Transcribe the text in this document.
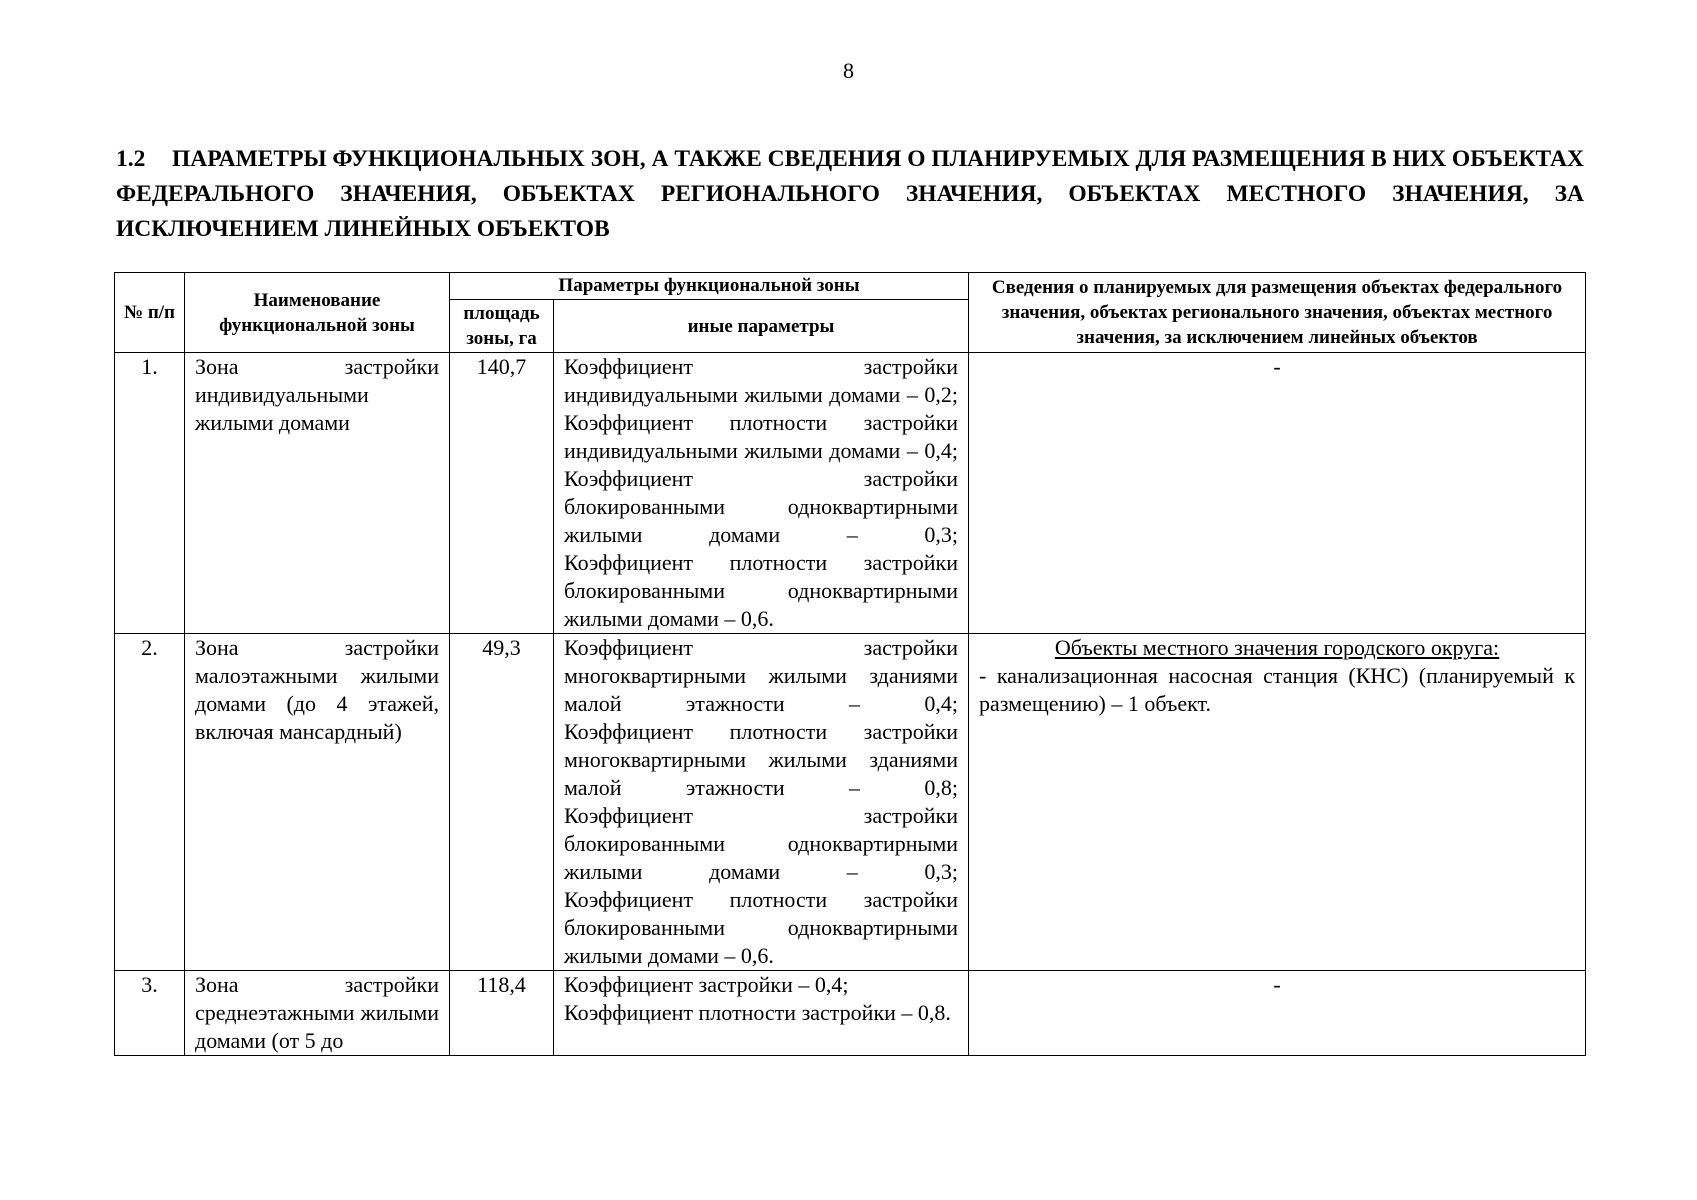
8
1.2 ПАРАМЕТРЫ ФУНКЦИОНАЛЬНЫХ ЗОН, А ТАКЖЕ СВЕДЕНИЯ О ПЛАНИРУЕМЫХ ДЛЯ РАЗМЕЩЕНИЯ В НИХ ОБЪЕКТАХ ФЕДЕРАЛЬНОГО ЗНАЧЕНИЯ, ОБЪЕКТАХ РЕГИОНАЛЬНОГО ЗНАЧЕНИЯ, ОБЪЕКТАХ МЕСТНОГО ЗНАЧЕНИЯ, ЗА ИСКЛЮЧЕНИЕМ ЛИНЕЙНЫХ ОБЪЕКТОВ
№ п/п	Наименование функциональной зоны	Параметры функциональной зоны		Сведения о планируемых для размещения объектах федерального значения, объектах регионального значения, объектах местного значения, за исключением линейных объектов
		площадь зоны, га	иные параметры	
1.	Зона застройки индивидуальными жилыми домами	140,7	Коэффициент застройки индивидуальными жилыми домами – 0,2;
Коэффициент плотности застройки индивидуальными жилыми домами – 0,4;
Коэффициент застройки блокированными одноквартирными жилыми домами – 0,3;
Коэффициент плотности застройки блокированными одноквартирными жилыми домами – 0,6.	-
2.	Зона застройки малоэтажными жилыми домами (до 4 этажей, включая мансардный)	49,3	Коэффициент застройки многоквартирными жилыми зданиями малой этажности – 0,4;
Коэффициент плотности застройки многоквартирными жилыми зданиями малой этажности – 0,8;
Коэффициент застройки блокированными одноквартирными жилыми домами – 0,3;
Коэффициент плотности застройки блокированными одноквартирными жилыми домами – 0,6.	Объекты местного значения городского округа:
- канализационная насосная станция (КНС) (планируемый к размещению) – 1 объект.

3.	Зона застройки среднеэтажными жилыми домами (от 5 до	118,4	Коэффициент застройки – 0,4;
Коэффициент плотности застройки – 0,8.	-
